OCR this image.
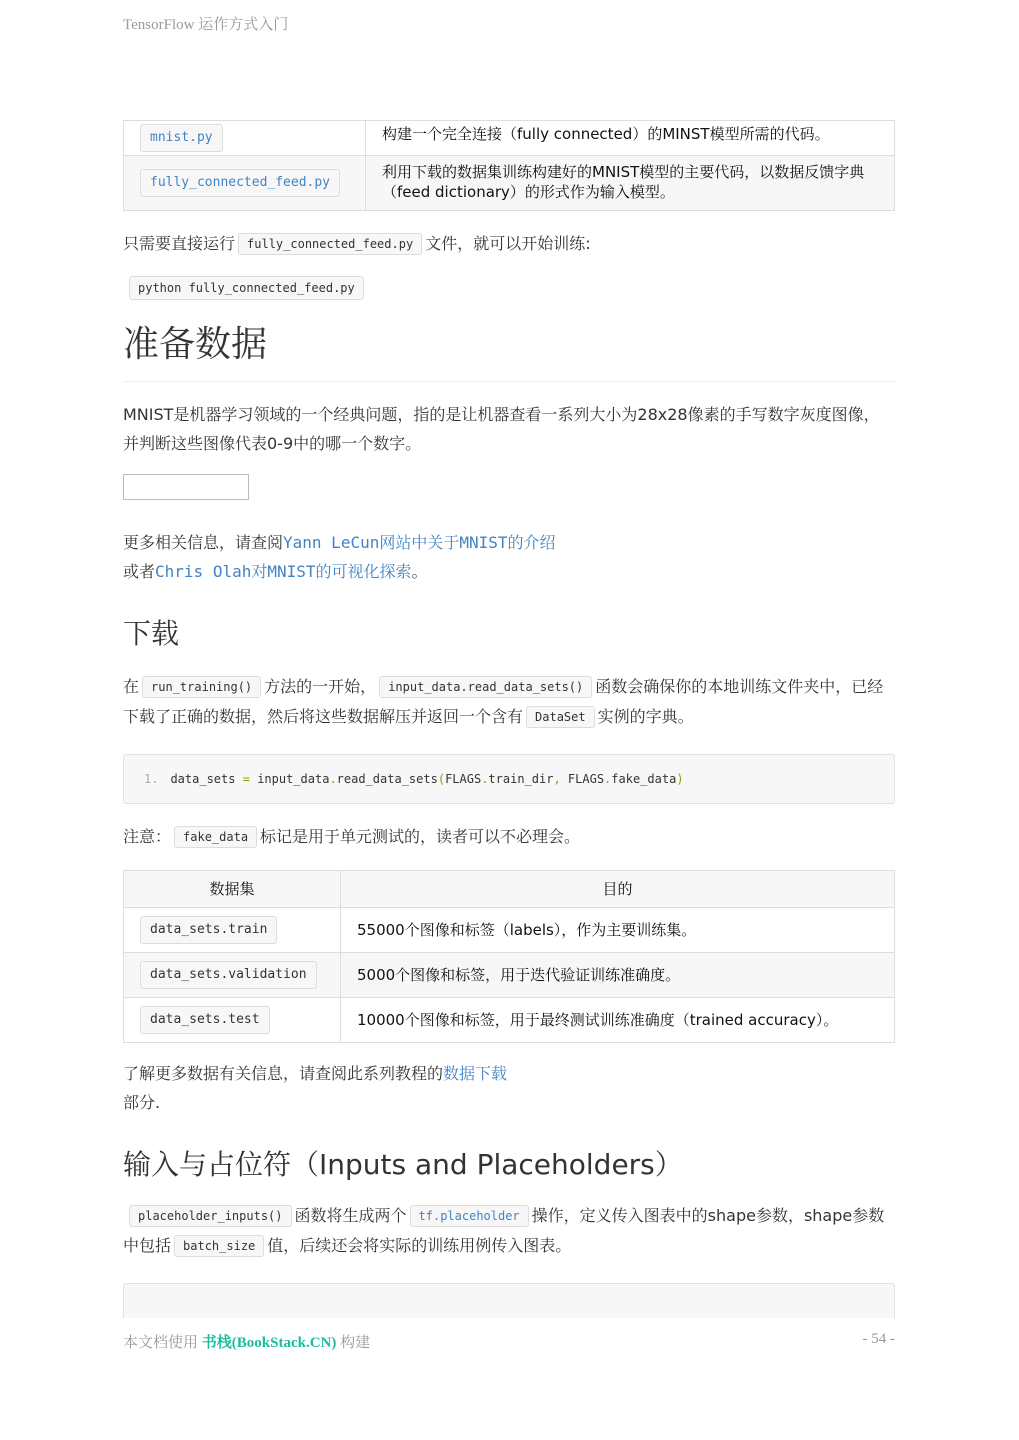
TensorFlow 运作方式入门
mnist.py	构建一个完全连接（fully connected）的MINST模型所需的代码。
fully_connected_feed.py	利用下载的数据集训练构建好的MNIST模型的主要代码，以数据反馈字典（feed dictionary）的形式作为输入模型。

只需要直接运行 fully_connected_feed.py 文件，就可以开始训练:

python fully_connected_feed.py

准备数据

MNIST是机器学习领域的一个经典问题，指的是让机器查看一系列大小为28x28像素的手写数字灰度图像，并判断这些图像代表0-9中的哪一个数字。

更多相关信息，请查阅Yann LeCun网站中关于MNIST的介绍
或者Chris Olah对MNIST的可视化探索。

下载

在 run_training() 方法的一开始， input_data.read_data_sets() 函数会确保你的本地训练文件夹中，已经下载了正确的数据，然后将这些数据解压并返回一个含有 DataSet 实例的字典。

1. data_sets = input_data.read_data_sets(FLAGS.train_dir, FLAGS.fake_data)

注意： fake_data 标记是用于单元测试的，读者可以不必理会。

数据集	目的
data_sets.train	55000个图像和标签（labels），作为主要训练集。
data_sets.validation	5000个图像和标签，用于迭代验证训练准确度。
data_sets.test	10000个图像和标签，用于最终测试训练准确度（trained accuracy）。

了解更多数据有关信息，请查阅此系列教程的数据下载
部分.

输入与占位符（Inputs and Placeholders）

placeholder_inputs() 函数将生成两个 tf.placeholder 操作，定义传入图表中的shape参数，shape参数中包括 batch_size 值，后续还会将实际的训练用例传入图表。

本文档使用 书栈(BookStack.CN) 构建	- 54 -
